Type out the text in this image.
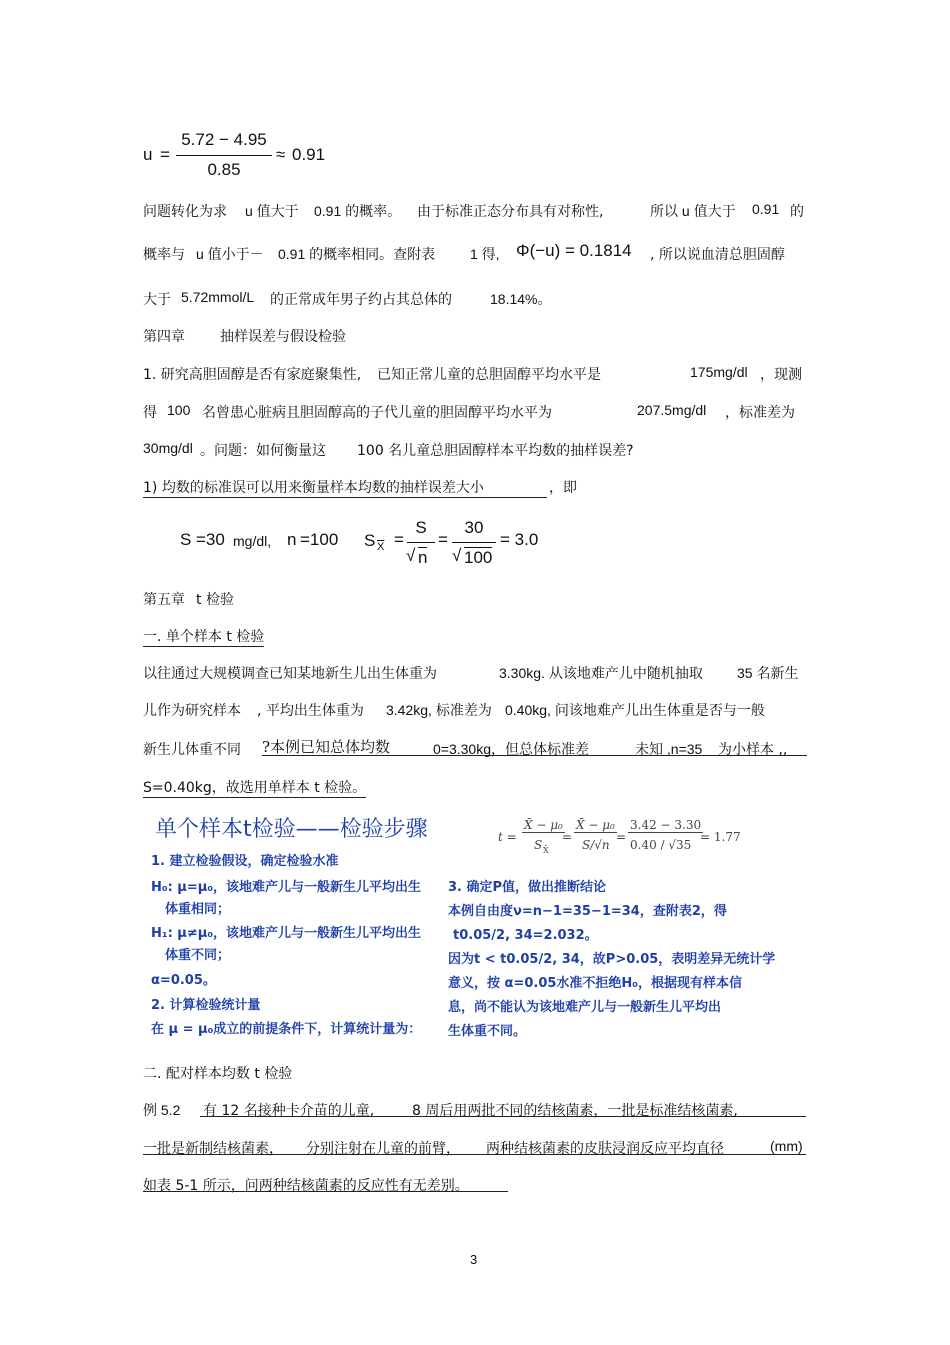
u =
5.72 − 4.95
0.85
≈ 0.91
问题转化为求 u 值大于 0.91 的概率。 由于标准正态分布具有对称性,	所以 u 值大于 0.91 的
概率与 u 值小于－ 0.91 的概率相同。查附表 1 得, Φ(−u) = 0.1814 , 所以说血清总胆固醇
大于 5.72mmol/L 的正常成年男子约占其总体的	18.14%。
第四章	抽样误差与假设检验
1. 研究高胆固醇是否有家庭聚集性, 已知正常儿童的总胆固醇平均水平是	175mg/dl ，现测
得 100 名曾患心脏病且胆固醇高的子代儿童的胆固醇平均水平为	207.5mg/dl ，标准差为
30mg/dl 。问题：如何衡量这 100 名儿童总胆固醇样本平均数的抽样误差?
1) 均数的标准误可以用来衡量样本均数的抽样误差大小	，即
S =30 mg/dl, n =100 S $\overline{X}$ =
S
√ n
=
30
√ 100
= 3.0
第五章 t 检验
一. 单个样本 t 检验
以往通过大规模调查已知某地新生儿出生体重为	3.30kg. 从该地难产儿中随机抽取 35 名新生
儿作为研究样本 , 平均出生体重为 3.42kg, 标准差为 0.40kg, 问该地难产儿出生体重是否与一般
新生儿体重不同 ?本例已知总体均数	0=3.30kg，但总体标准差	未知 ,n=35 为小样本 ,,
S=0.40kg，故选用单样本 t 检验。
单个样本t检验——检验步骤	t =
X̄ − μ₀
S X̄
=
X̄ − μ₀
S/√n
=
3.42 − 3.30
0.40 / √35
= 1.77
1. 建立检验假设，确定检验水准
H₀: μ=μ₀，该地难产儿与一般新生儿平均出生
体重相同；
H₁: μ≠μ₀，该地难产儿与一般新生儿平均出生
体重不同；
α=0.05。
2. 计算检验统计量
在 μ = μ₀成立的前提条件下，计算统计量为：
3. 确定P值，做出推断结论
本例自由度ν=n−1=35−1=34，查附表2，得
t0.05/2, 34=2.032。
因为t < t0.05/2, 34，故P>0.05，表明差异无统计学
意义，按 α=0.05水准不拒绝H₀，根据现有样本信
息，尚不能认为该地难产儿与一般新生儿平均出
生体重不同。
二. 配对样本均数 t 检验
例 5.2 有 12 名接种卡介苗的儿童,	8 周后用两批不同的结核菌素，一批是标准结核菌素,
一批是新制结核菌素， 分别注射在儿童的前臂， 两种结核菌素的皮肤浸润反应平均直径	(mm)
如表 5-1 所示，问两种结核菌素的反应性有无差别。
3
